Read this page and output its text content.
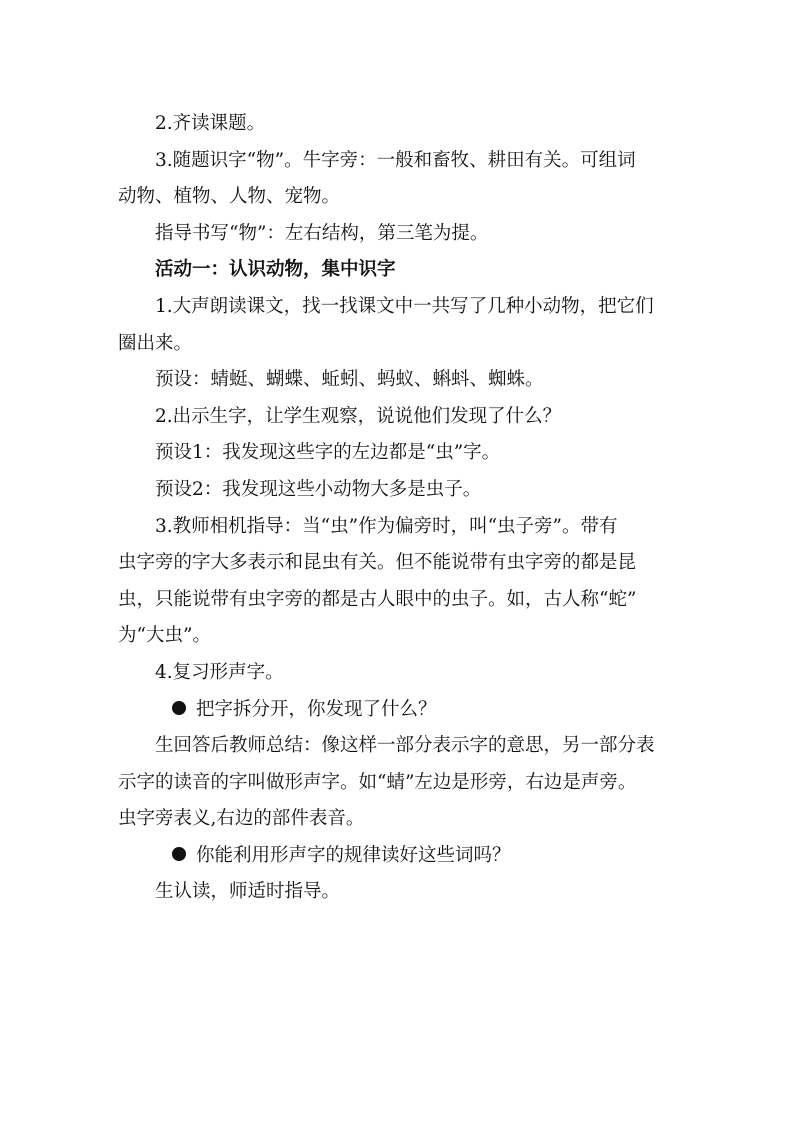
2.齐读课题。

3.随题识字“物”。牛字旁：一般和畜牧、耕田有关。可组词

动物、植物、人物、宠物。

指导书写“物”：左右结构，第三笔为提。

活动一：认识动物，集中识字

1.大声朗读课文，找一找课文中一共写了几种小动物，把它们

圈出来。

预设：蜻蜓、蝴蝶、蚯蚓、蚂蚁、蝌蚪、蜘蛛。

2.出示生字，让学生观察，说说他们发现了什么？

预设1：我发现这些字的左边都是“虫”字。

预设2：我发现这些小动物大多是虫子。

3.教师相机指导：当“虫”作为偏旁时，叫“虫子旁”。带有

虫字旁的字大多表示和昆虫有关。但不能说带有虫字旁的都是昆

虫，只能说带有虫字旁的都是古人眼中的虫子。如，古人称“蛇”

为“大虫”。

4.复习形声字。

把字拆分开，你发现了什么？

生回答后教师总结：像这样一部分表示字的意思，另一部分表

示字的读音的字叫做形声字。如“蜻”左边是形旁，右边是声旁。

虫字旁表义,右边的部件表音。

你能利用形声字的规律读好这些词吗？

生认读，师适时指导。
